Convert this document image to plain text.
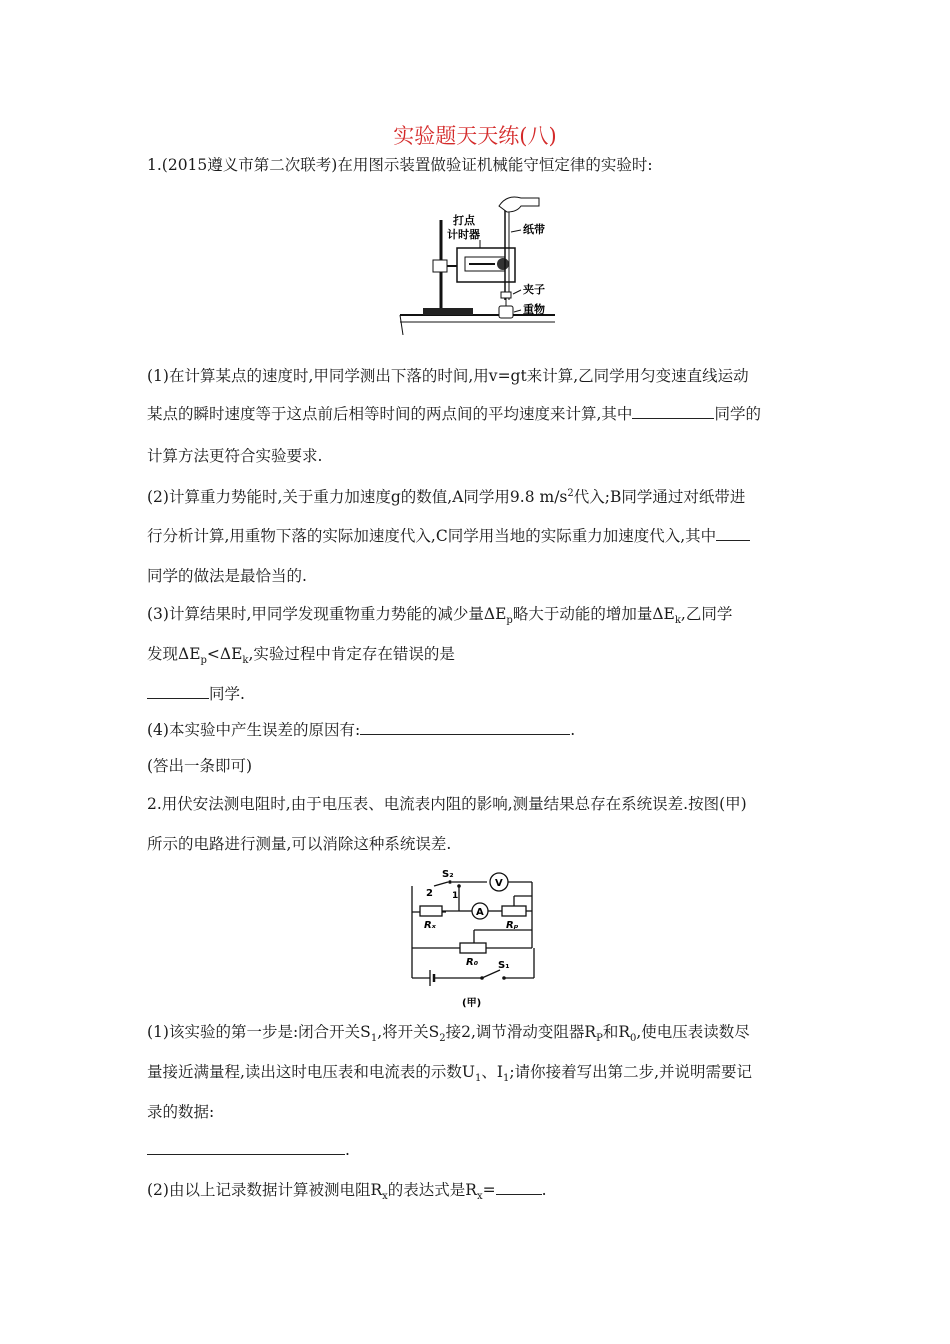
实验题天天练(八)
1.(2015遵义市第二次联考)在用图示装置做验证机械能守恒定律的实验时:
打点
计时器	纸带
夹子
重物
(1)在计算某点的速度时,甲同学测出下落的时间,用v=gt来计算,乙同学用匀变速直线运动
某点的瞬时速度等于这点前后相等时间的两点间的平均速度来计算,其中	同学的
计算方法更符合实验要求.
(2)计算重力势能时,关于重力加速度g的数值,A同学用9.8 $m/s^2$代入;B同学通过对纸带进
行分析计算,用重物下落的实际加速度代入,C同学用当地的实际重力加速度代入,其中
同学的做法是最恰当的.
(3)计算结果时,甲同学发现重物重力势能的减少量$\Delta E_p$略大于动能的增加量$\Delta E_k$,乙同学
发现$\Delta E_p<\Delta E_k$,实验过程中肯定存在错误的是
同学.
(4)本实验中产生误差的原因有:	.
(答出一条即可)
2.用伏安法测电阻时,由于电压表、电流表内阻的影响,测量结果总存在系统误差.按图(甲)
所示的电路进行测量,可以消除这种系统误差.
S₂
2 1
V
A
Rₓ	Rₚ
R₀ S₁
(甲)
(1)该实验的第一步是:闭合开关$S_1$,将开关$S_2$接2,调节滑动变阻器$R_P$和$R_0$,使电压表读数尽
量接近满量程,读出这时电压表和电流表的示数$U_1$、$I_1$;请你接着写出第二步,并说明需要记
录的数据:
.
(2)由以上记录数据计算被测电阻$R_x$的表达式是$R_x=$	.
